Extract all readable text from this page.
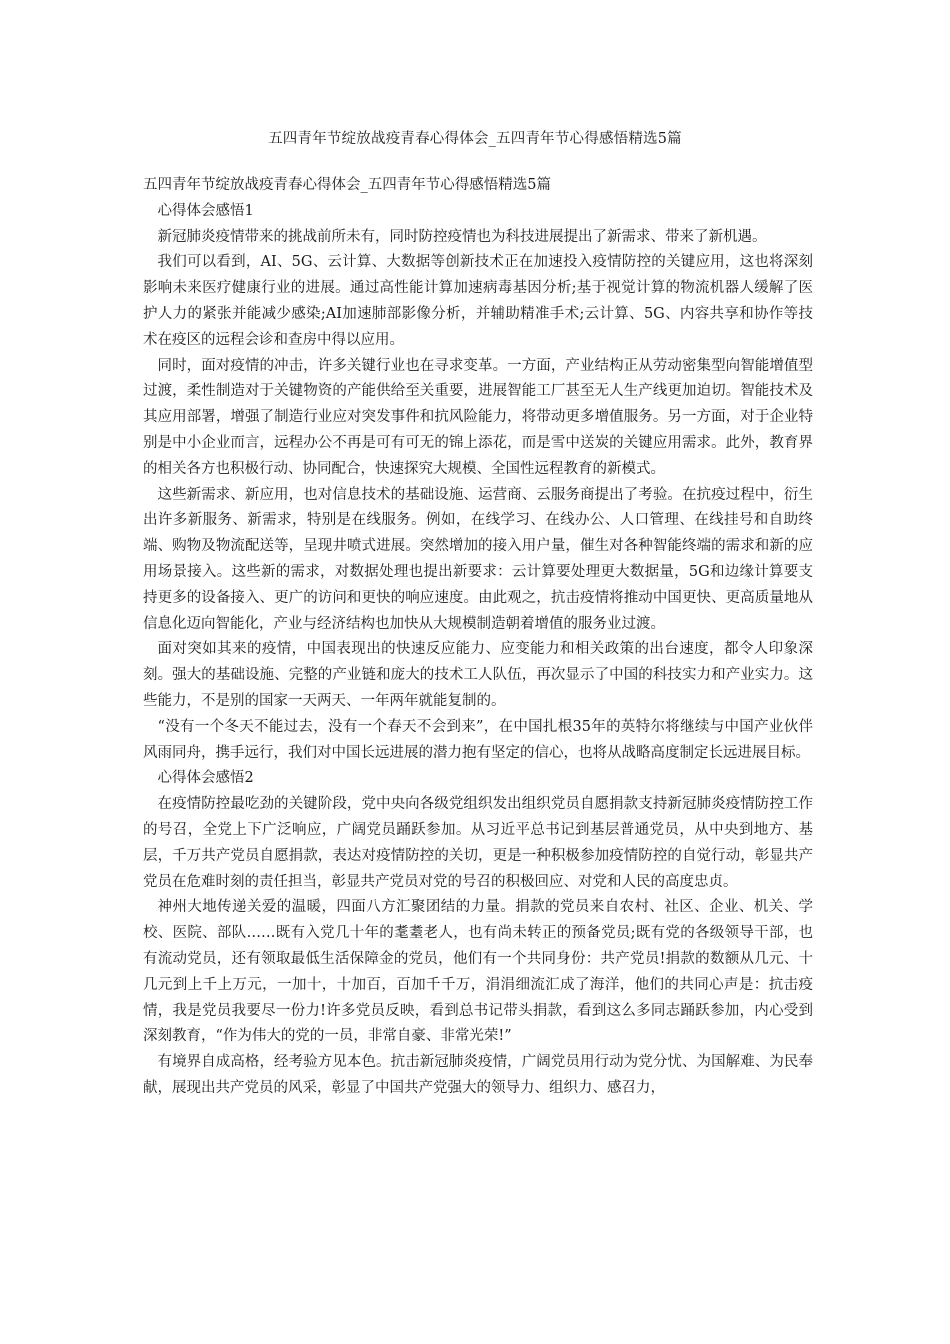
五四青年节绽放战疫青春心得体会_五四青年节心得感悟精选5篇

五四青年节绽放战疫青春心得体会_五四青年节心得感悟精选5篇

心得体会感悟1

新冠肺炎疫情带来的挑战前所未有，同时防控疫情也为科技进展提出了新需求、带来了新机遇。

我们可以看到，AI、5G、云计算、大数据等创新技术正在加速投入疫情防控的关键应用，这也将深刻影响未来医疗健康行业的进展。通过高性能计算加速病毒基因分析;基于视觉计算的物流机器人缓解了医护人力的紧张并能减少感染;AI加速肺部影像分析，并辅助精准手术;云计算、5G、内容共享和协作等技术在疫区的远程会诊和查房中得以应用。

同时，面对疫情的冲击，许多关键行业也在寻求变革。一方面，产业结构正从劳动密集型向智能增值型过渡，柔性制造对于关键物资的产能供给至关重要，进展智能工厂甚至无人生产线更加迫切。智能技术及其应用部署，增强了制造行业应对突发事件和抗风险能力，将带动更多增值服务。另一方面，对于企业特别是中小企业而言，远程办公不再是可有可无的锦上添花，而是雪中送炭的关键应用需求。此外，教育界的相关各方也积极行动、协同配合，快速探究大规模、全国性远程教育的新模式。

这些新需求、新应用，也对信息技术的基础设施、运营商、云服务商提出了考验。在抗疫过程中，衍生出许多新服务、新需求，特别是在线服务。例如，在线学习、在线办公、人口管理、在线挂号和自助终端、购物及物流配送等，呈现井喷式进展。突然增加的接入用户量，催生对各种智能终端的需求和新的应用场景接入。这些新的需求，对数据处理也提出新要求：云计算要处理更大数据量，5G和边缘计算要支持更多的设备接入、更广的访问和更快的响应速度。由此观之，抗击疫情将推动中国更快、更高质量地从信息化迈向智能化，产业与经济结构也加快从大规模制造朝着增值的服务业过渡。

面对突如其来的疫情，中国表现出的快速反应能力、应变能力和相关政策的出台速度，都令人印象深刻。强大的基础设施、完整的产业链和庞大的技术工人队伍，再次显示了中国的科技实力和产业实力。这些能力，不是别的国家一天两天、一年两年就能复制的。

“没有一个冬天不能过去，没有一个春天不会到来”，在中国扎根35年的英特尔将继续与中国产业伙伴风雨同舟，携手远行，我们对中国长远进展的潜力抱有坚定的信心，也将从战略高度制定长远进展目标。

心得体会感悟2

在疫情防控最吃劲的关键阶段，党中央向各级党组织发出组织党员自愿捐款支持新冠肺炎疫情防控工作的号召，全党上下广泛响应，广阔党员踊跃参加。从习近平总书记到基层普通党员，从中央到地方、基层，千万共产党员自愿捐款，表达对疫情防控的关切，更是一种积极参加疫情防控的自觉行动，彰显共产党员在危难时刻的责任担当，彰显共产党员对党的号召的积极回应、对党和人民的高度忠贞。

神州大地传递关爱的温暖，四面八方汇聚团结的力量。捐款的党员来自农村、社区、企业、机关、学校、医院、部队……既有入党几十年的耄耋老人，也有尚未转正的预备党员;既有党的各级领导干部，也有流动党员，还有领取最低生活保障金的党员，他们有一个共同身份：共产党员!捐款的数额从几元、十几元到上千上万元，一加十，十加百，百加千千万，涓涓细流汇成了海洋，他们的共同心声是：抗击疫情，我是党员我要尽一份力!许多党员反映，看到总书记带头捐款，看到这么多同志踊跃参加，内心受到深刻教育，“作为伟大的党的一员，非常自豪、非常光荣!”

有境界自成高格，经考验方见本色。抗击新冠肺炎疫情，广阔党员用行动为党分忧、为国解难、为民奉献，展现出共产党员的风采，彰显了中国共产党强大的领导力、组织力、感召力，
